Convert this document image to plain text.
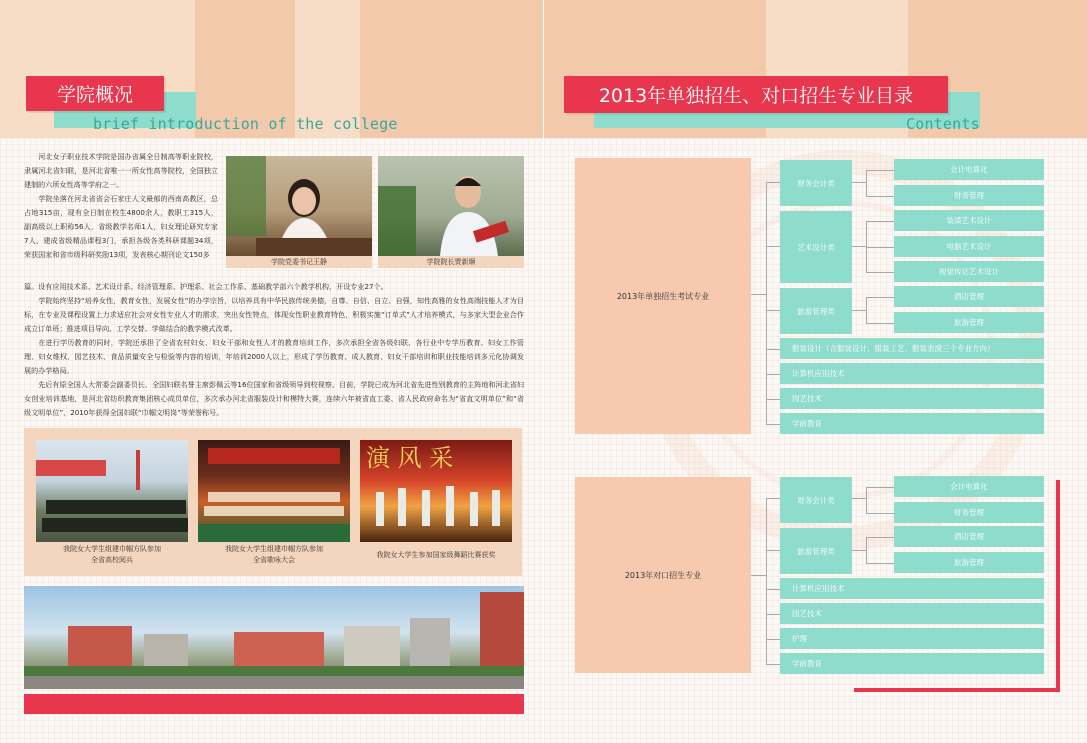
学院概况
brief introduction of the college

河北女子职业技术学院是国办省属全日制高等职业院校，隶属河北省妇联，是河北省唯一一所女性高等院校，全国独立建制的六所女性高等学府之一。

学院坐落在河北省省会石家庄人文最郁的西南高教区，总占地315亩，现有全日制在校生4800余人，教职工315人，副高级以上职称56人，省级教学名师1人，妇女理论研究专家7人，建成省级精品课程3门，承担各级各类科研课题34项，荣获国家和省市级科研奖励13项，发表核心期刊论文150多

学院党委书记王静	学院院长贾新顺

篇。设有应用技术系、艺术设计系、经济管理系、护理系、社会工作系、基础教学部六个教学机构，开设专业27个。

学院始终坚持“培养女性，教育女性，发展女性”的办学宗旨，以培养具有中华民族传统美德，自尊、自信、自立、自强，知性高雅的女性高端技能人才为目标，在专业及课程设置上力求适应社会对女性专业人才的需求，突出女性特点，体现女性职业教育特色，积极实施“订单式”人才培养模式，与多家大型企业合作成立订单班；推进项目导向、工学交替、学做结合的教学模式改革。

在进行学历教育的同时，学院还承担了全省农村妇女、妇女干部和女性人才的教育培训工作，多次承担全省各级妇联、各行业中专学历教育、妇女工作管理、妇女维权、园艺技术、食品质量安全与检验等内容的培训，年培训2000人以上，形成了学历教育、成人教育、妇女干部培训和职业技能培训多元化协调发展的办学格局。

先后有原全国人大常委会副委员长、全国妇联名誉主席彭佩云等16位国家和省级领导到校视察。目前，学院已成为河北省先进性别教育的主阵地和河北省妇女创业培训基地，是河北省纺织教育集团核心成员单位，多次承办河北省服装设计和模特大赛，连续六年被省直工委、省人民政府命名为“省直文明单位”和“省级文明单位”，2010年获得全国妇联“巾帼文明岗”等荣誉称号。

我院女大学生组建巾帼方队参加全省高校阅兵
我院女大学生组建巾帼方队参加全省歌咏大会
演 风 采
我院女大学生参加国家级舞蹈比赛获奖
2013年单独招生、对口招生专业目录
Contents
2013年单独招生考试专业
财务会计类
会计电算化
财务管理
艺术设计类
装潢艺术设计
电脑艺术设计
视觉传达艺术设计
旅游管理类
酒店管理
旅游管理
服装设计（含服装设计、服装工艺、服装表演三个专业方向）
计算机应用技术
园艺技术
学前教育
2013年对口招生专业
财务会计类
会计电算化
财务管理
旅游管理类
酒店管理
旅游管理
计算机应用技术
园艺技术
护理
学前教育
